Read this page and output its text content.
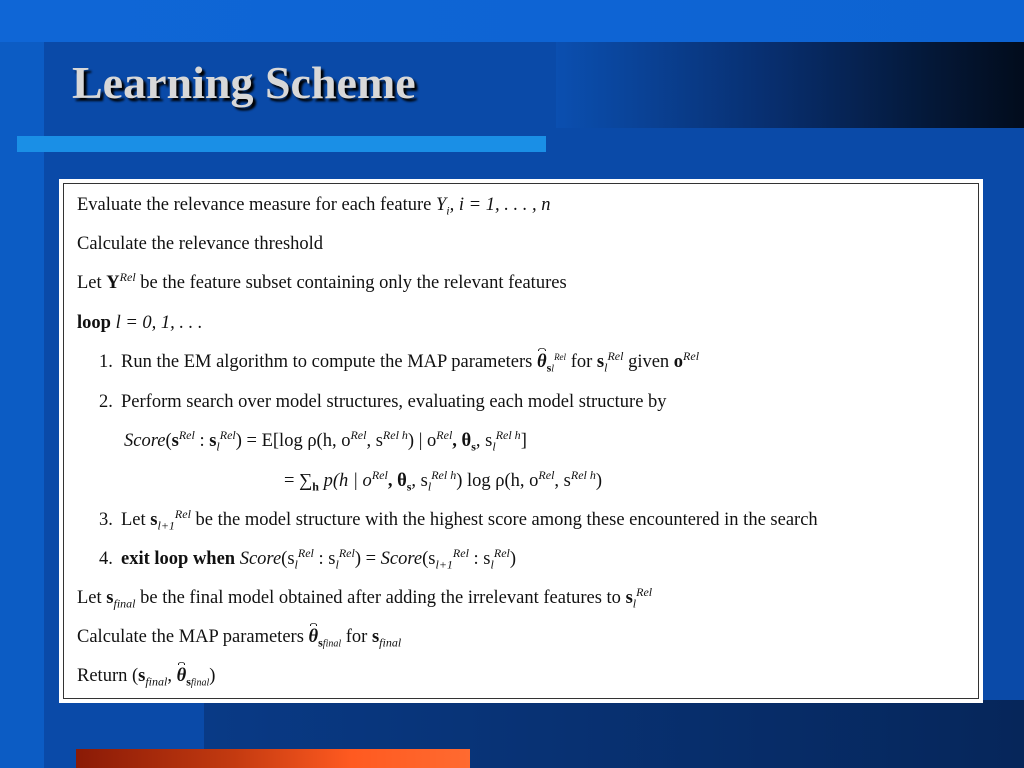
Learning Scheme
Evaluate the relevance measure for each feature $Y_i$, i = 1, . . . , n
Calculate the relevance threshold
Let $Y^{Rel}$ be the feature subset containing only the relevant features
loop l = 0, 1, . . .
1. Run the EM algorithm to compute the MAP parameters $\theta_{sl}^{Rel}$ for $s_l^{Rel}$ given $o^{Rel}$
2. Perform search over model structures, evaluating each model structure by
$Score(s^{Rel}$ : $s_l^{Rel}) = E[\log$ ρ(h, $o^{Rel}$, $s^{Rel h}$) | $o^{Rel}$, $\theta_s$, $s_l^{Rel h}$]
= $\sum_h$ p(h | $o^{Rel}$, $\theta_s$, $s_l^{Rel h}$) log ρ(h, $o^{Rel}$, $s^{Rel h}$)
3. Let $s_{l+1}^{Rel}$ be the model structure with the highest score among these encountered in the search
4. exit loop when $Score(s_l^{Rel}$ : $s_l^{Rel}$) = $Score(s_{l+1}^{Rel}$ : $s_l^{Rel}$)
Let $s_{final}$ be the final model obtained after adding the irrelevant features to $s_l^{Rel}$
Calculate the MAP parameters $\theta_{sfinal}$ for $s_{final}$
Return ($s_{final}$, $\theta_{sfinal}$)
